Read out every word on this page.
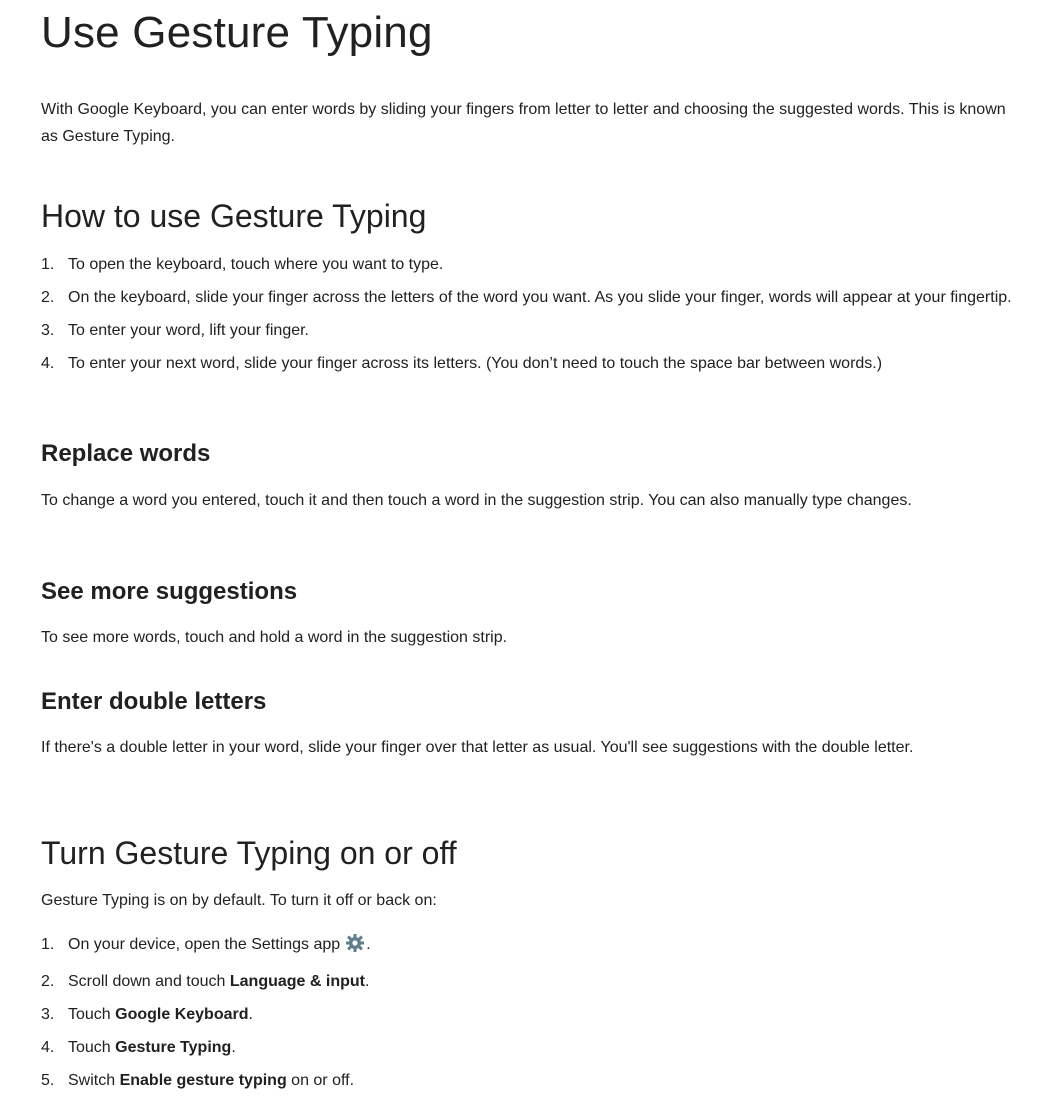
Use Gesture Typing

With Google Keyboard, you can enter words by sliding your fingers from letter to letter and choosing the suggested words. This is known as Gesture Typing.

How to use Gesture Typing
1. To open the keyboard, touch where you want to type.
2. On the keyboard, slide your finger across the letters of the word you want. As you slide your finger, words will appear at your fingertip.
3. To enter your word, lift your finger.
4. To enter your next word, slide your finger across its letters. (You don’t need to touch the space bar between words.)
Replace words

To change a word you entered, touch it and then touch a word in the suggestion strip. You can also manually type changes.

See more suggestions

To see more words, touch and hold a word in the suggestion strip.

Enter double letters

If there's a double letter in your word, slide your finger over that letter as usual. You'll see suggestions with the double letter.

Turn Gesture Typing on or off

Gesture Typing is on by default. To turn it off or back on:

1. On your device, open the Settings app .
2. Scroll down and touch Language & input.
3. Touch Google Keyboard.
4. Touch Gesture Typing.
5. Switch Enable gesture typing on or off.
